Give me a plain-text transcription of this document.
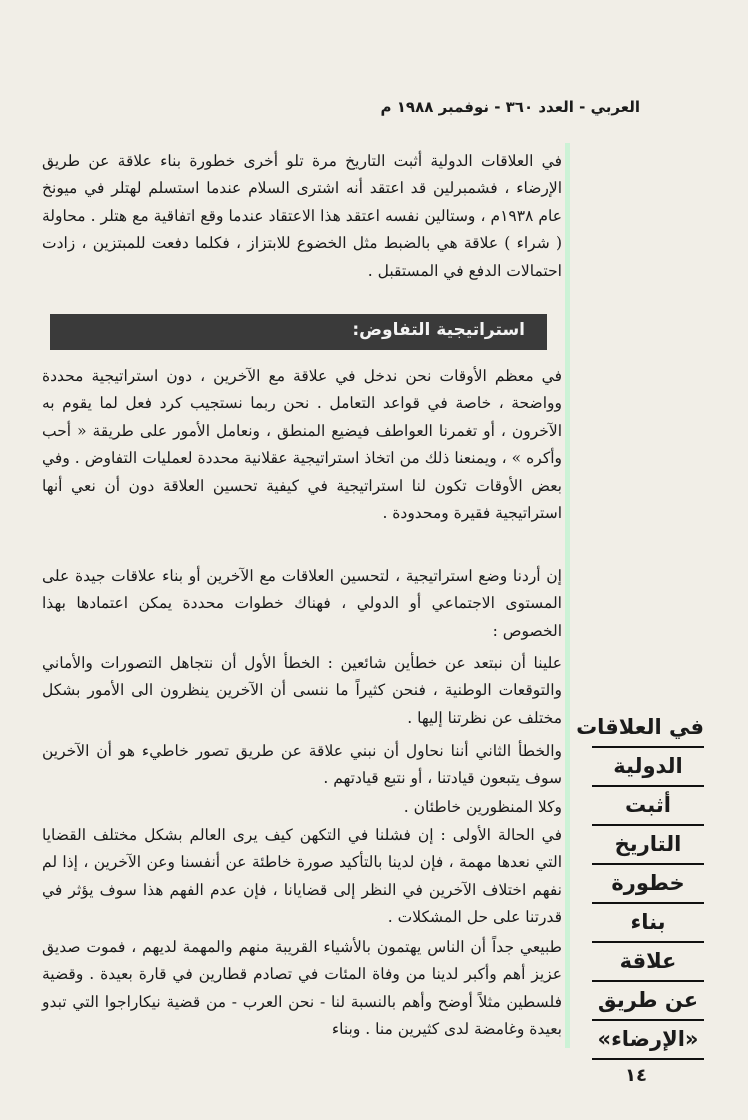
العربي - العدد ٣٦٠ - نوفمبر ١٩٨٨ م
في العلاقات الدولية أثبت التاريخ مرة تلو أخرى خطورة بناء علاقة عن طريق الإرضاء ، فشمبرلين قد اعتقد أنه اشترى السلام عندما استسلم لهتلر في ميونخ عام ١٩٣٨م ، وستالين نفسه اعتقد هذا الاعتقاد عندما وقع اتفاقية مع هتلر . محاولة ( شراء ) علاقة هي بالضبط مثل الخضوع للابتزاز ، فكلما دفعت للمبتزين ، زادت احتمالات الدفع في المستقبل .
استراتيجية التفاوض:
في معظم الأوقات نحن ندخل في علاقة مع الآخرين ، دون استراتيجية محددة وواضحة ، خاصة في قواعد التعامل . نحن ربما نستجيب كرد فعل لما يقوم به الآخرون ، أو تغمرنا العواطف فيضيع المنطق ، ونعامل الأمور على طريقة « أحب وأكره » ، ويمنعنا ذلك من اتخاذ استراتيجية عقلانية محددة لعمليات التفاوض . وفي بعض الأوقات تكون لنا استراتيجية في كيفية تحسين العلاقة دون أن نعي أنها استراتيجية فقيرة ومحدودة .
إن أردنا وضع استراتيجية ، لتحسين العلاقات مع الآخرين أو بناء علاقات جيدة على المستوى الاجتماعي أو الدولي ، فهناك خطوات محددة يمكن اعتمادها بهذا الخصوص :
علينا أن نبتعد عن خطأين شائعين : الخطأ الأول أن نتجاهل التصورات والأماني والتوقعات الوطنية ، فنحن كثيراً ما ننسى أن الآخرين ينظرون الى الأمور بشكل مختلف عن نظرتنا إليها .
والخطأ الثاني أننا نحاول أن نبني علاقة عن طريق تصور خاطيء هو أن الآخرين سوف يتبعون قيادتنا ، أو نتبع قيادتهم .
وكلا المنظورين خاطئان .
في الحالة الأولى : إن فشلنا في التكهن كيف يرى العالم بشكل مختلف القضايا التي نعدها مهمة ، فإن لدينا بالتأكيد صورة خاطئة عن أنفسنا وعن الآخرين ، إذا لم نفهم اختلاف الآخرين في النظر إلى قضايانا ، فإن عدم الفهم هذا سوف يؤثر في قدرتنا على حل المشكلات .
طبيعي جداً أن الناس يهتمون بالأشياء القريبة منهم والمهمة لديهم ، فموت صديق عزيز أهم وأكبر لدينا من وفاة المئات في تصادم قطارين في قارة بعيدة . وقضية فلسطين مثلاً أوضح وأهم بالنسبة لنا - نحن العرب - من قضية نيكاراجوا التي تبدو بعيدة وغامضة لدى كثيرين منا . وبناء
في العلاقات
الدولية
أثبت
التاريخ
خطورة
بناء
علاقة
عن طريق
«الإرضاء»
١٤
